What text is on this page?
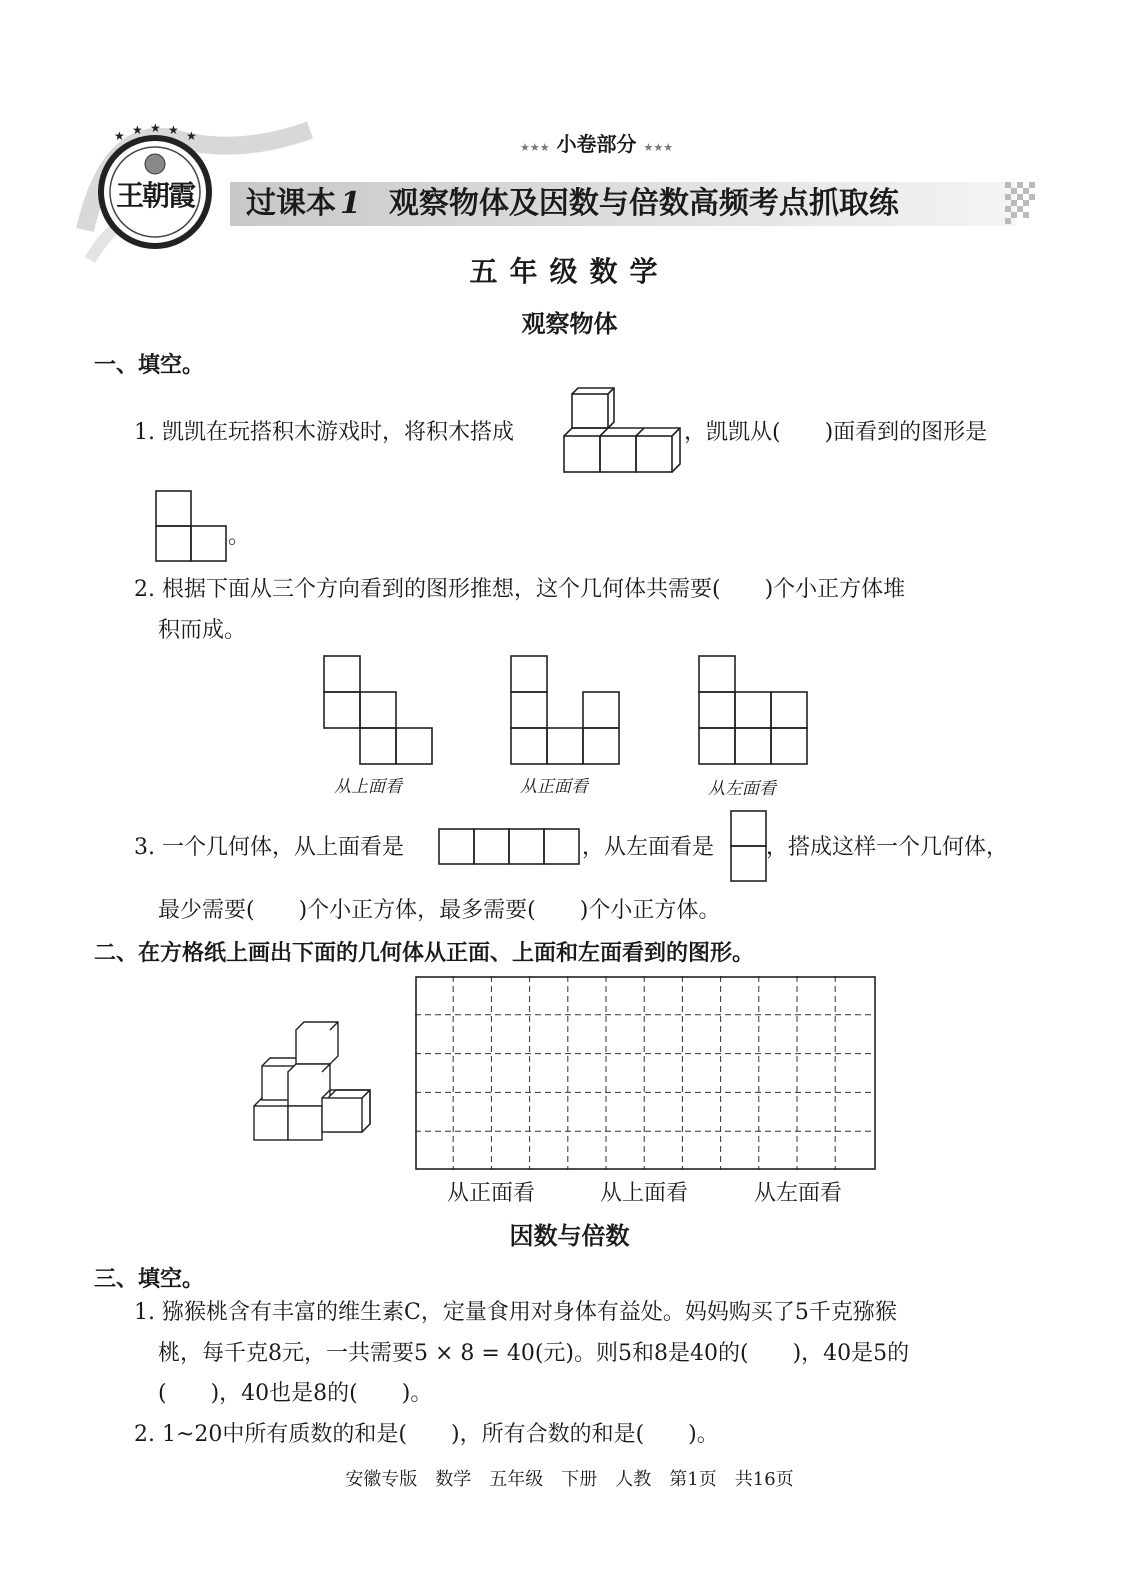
★ ★ ★ ★ ★
王朝霞
★★★ 小卷部分 ★★★
过课本 1 观察物体及因数与倍数高频考点抓取练
五年级数学
观察物体
一、填空。
1. 凯凯在玩搭积木游戏时，将积木搭成	，凯凯从(　　)面看到的图形是
。
2. 根据下面从三个方向看到的图形推想，这个几何体共需要(　　)个小正方体堆
积而成。
从上面看	从正面看	从左面看
3. 一个几何体，从上面看是	，从左面看是 ，搭成这样一个几何体，
最少需要(　　)个小正方体，最多需要(　　)个小正方体。
二、在方格纸上画出下面的几何体从正面、上面和左面看到的图形。
从正面看	从上面看	从左面看
因数与倍数
三、填空。
1. 猕猴桃含有丰富的维生素C，定量食用对身体有益处。妈妈购买了5千克猕猴
桃，每千克8元，一共需要5 × 8 = 40(元)。则5和8是40的(　　)，40是5的
(　　)，40也是8的(　　)。
2. 1~20中所有质数的和是(　　)，所有合数的和是(　　)。
安徽专版　数学　五年级　下册　人教　第1页　共16页
